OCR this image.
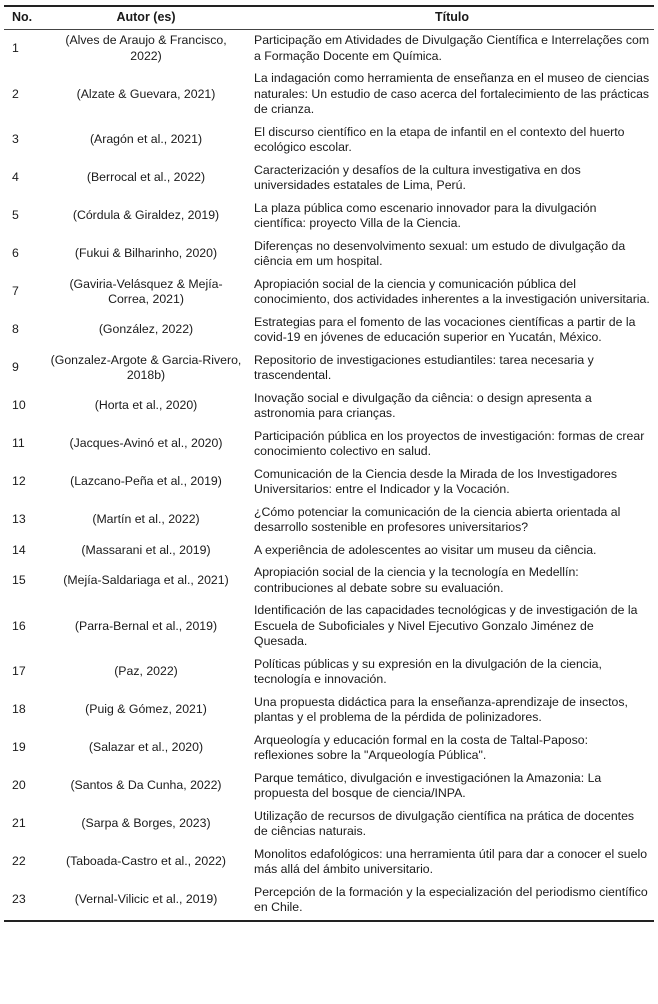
No.	Autor (es)	Título
1
(Alves de Araujo & Francisco, 2022)
Participação em Atividades de Divulgação Científica e Interrelações com a Formação Docente em Química.
2	(Alzate & Guevara, 2021)
La indagación como herramienta de enseñanza en el museo de ciencias naturales: Un estudio de caso acerca del fortalecimiento de las prácticas de crianza.
3	(Aragón et al., 2021)
El discurso científico en la etapa de infantil en el contexto del huerto ecológico escolar.
4	(Berrocal et al., 2022)
Caracterización y desafíos de la cultura investigativa en dos universidades estatales de Lima, Perú.
5	(Córdula & Giraldez, 2019)
La plaza pública como escenario innovador para la divulgación científica: proyecto Villa de la Ciencia.
6	(Fukui & Bilharinho, 2020)
Diferenças no desenvolvimento sexual: um estudo de divulgação da ciência em um hospital.
7
(Gaviria-Velásquez & Mejía-Correa, 2021)
Apropiación social de la ciencia y comunicación pública del conocimiento, dos actividades inherentes a la investigación universitaria.
8	(González, 2022)
Estrategias para el fomento de las vocaciones científicas a partir de la covid-19 en jóvenes de educación superior en Yucatán, México.
9
(Gonzalez-Argote & Garcia-Rivero, 2018b)
Repositorio de investigaciones estudiantiles: tarea necesaria y trascendental.
10	(Horta et al., 2020)
Inovação social e divulgação da ciência: o design apresenta a astronomia para crianças.
11	(Jacques-Avinó et al., 2020)
Participación pública en los proyectos de investigación: formas de crear conocimiento colectivo en salud.
12	(Lazcano-Peña et al., 2019)
Comunicación de la Ciencia desde la Mirada de los Investigadores Universitarios: entre el Indicador y la Vocación.
13	(Martín et al., 2022)
¿Cómo potenciar la comunicación de la ciencia abierta orientada al desarrollo sostenible en profesores universitarios?
14	(Massarani et al., 2019)	A experiência de adolescentes ao visitar um museu da ciência.
15	(Mejía-Saldariaga et al., 2021)
Apropiación social de la ciencia y la tecnología en Medellín: contribuciones al debate sobre su evaluación.
16	(Parra-Bernal et al., 2019)
Identificación de las capacidades tecnológicas y de investigación de la Escuela de Suboficiales y Nivel Ejecutivo Gonzalo Jiménez de Quesada.
17	(Paz, 2022)
Políticas públicas y su expresión en la divulgación de la ciencia, tecnología e innovación.
18	(Puig & Gómez, 2021)
Una propuesta didáctica para la enseñanza-aprendizaje de insectos, plantas y el problema de la pérdida de polinizadores.
19	(Salazar et al., 2020)
Arqueología y educación formal en la costa de Taltal-Paposo: reflexiones sobre la "Arqueología Pública".
20	(Santos & Da Cunha, 2022)
Parque temático, divulgación e investigaciónen la Amazonia: La propuesta del bosque de ciencia/INPA.
21	(Sarpa & Borges, 2023)
Utilização de recursos de divulgação científica na prática de docentes de ciências naturais.
22	(Taboada-Castro et al., 2022)
Monolitos edafológicos: una herramienta útil para dar a conocer el suelo más allá del ámbito universitario.
23	(Vernal-Vilicic et al., 2019)
Percepción de la formación y la especialización del periodismo científico en Chile.
